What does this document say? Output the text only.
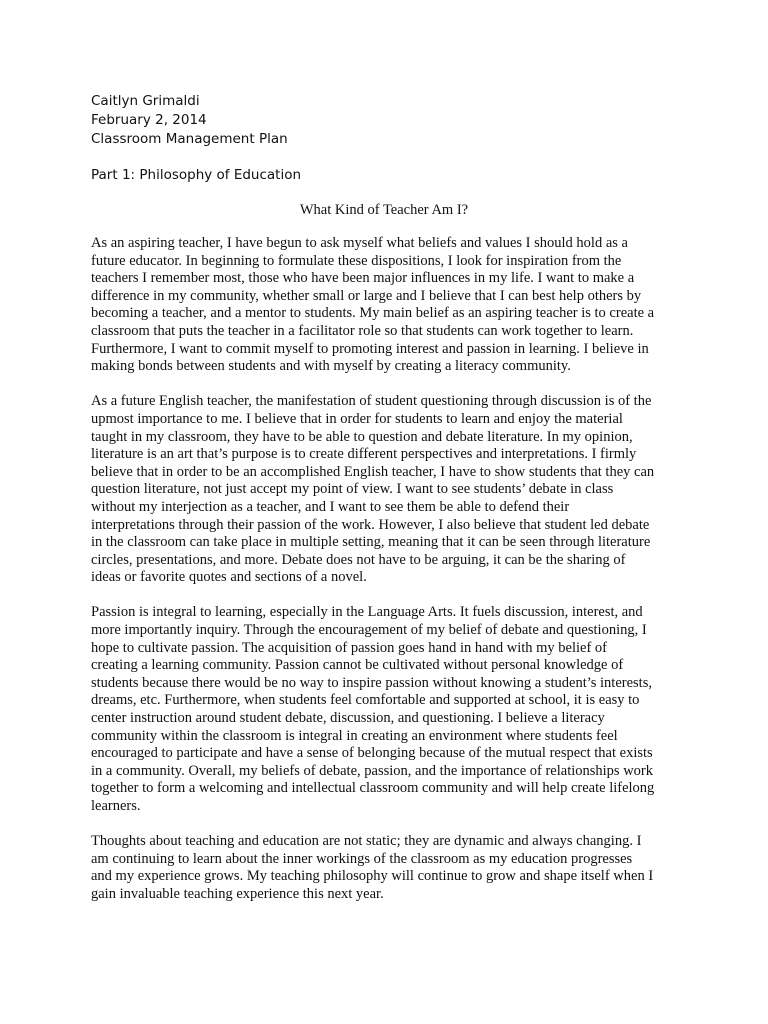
Caitlyn Grimaldi
February 2, 2014
Classroom Management Plan
Part 1: Philosophy of Education
What Kind of Teacher Am I?

As an aspiring teacher, I have begun to ask myself what beliefs and values I should hold as a
future educator. In beginning to formulate these dispositions, I look for inspiration from the
teachers I remember most, those who have been major influences in my life. I want to make a
difference in my community, whether small or large and I believe that I can best help others by
becoming a teacher, and a mentor to students. My main belief as an aspiring teacher is to create a
classroom that puts the teacher in a facilitator role so that students can work together to learn.
Furthermore, I want to commit myself to promoting interest and passion in learning. I believe in
making bonds between students and with myself by creating a literacy community.

As a future English teacher, the manifestation of student questioning through discussion is of the
upmost importance to me. I believe that in order for students to learn and enjoy the material
taught in my classroom, they have to be able to question and debate literature. In my opinion,
literature is an art that’s purpose is to create different perspectives and interpretations. I firmly
believe that in order to be an accomplished English teacher, I have to show students that they can
question literature, not just accept my point of view. I want to see students’ debate in class
without my interjection as a teacher, and I want to see them be able to defend their
interpretations through their passion of the work. However, I also believe that student led debate
in the classroom can take place in multiple setting, meaning that it can be seen through literature
circles, presentations, and more. Debate does not have to be arguing, it can be the sharing of
ideas or favorite quotes and sections of a novel.

Passion is integral to learning, especially in the Language Arts. It fuels discussion, interest, and
more importantly inquiry. Through the encouragement of my belief of debate and questioning, I
hope to cultivate passion. The acquisition of passion goes hand in hand with my belief of
creating a learning community. Passion cannot be cultivated without personal knowledge of
students because there would be no way to inspire passion without knowing a student’s interests,
dreams, etc. Furthermore, when students feel comfortable and supported at school, it is easy to
center instruction around student debate, discussion, and questioning. I believe a literacy
community within the classroom is integral in creating an environment where students feel
encouraged to participate and have a sense of belonging because of the mutual respect that exists
in a community. Overall, my beliefs of debate, passion, and the importance of relationships work
together to form a welcoming and intellectual classroom community and will help create lifelong
learners.

Thoughts about teaching and education are not static; they are dynamic and always changing. I
am continuing to learn about the inner workings of the classroom as my education progresses
and my experience grows. My teaching philosophy will continue to grow and shape itself when I
gain invaluable teaching experience this next year.
